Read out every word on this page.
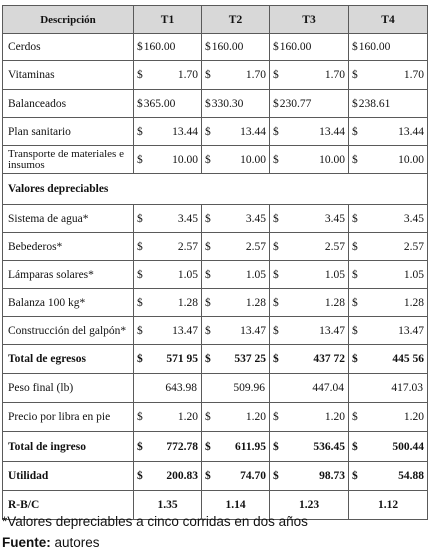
Descripción	T1	T2	T3	T4
Cerdos	$ 160.00	$ 160.00	$ 160.00	$ 160.00

Vitaminas	$ 1.70	$ 1.70	$ 1.70	$ 1.70

Balanceados	$ 365.00	$ 330.30	$ 230.77	$ 238.61

Plan sanitario	$ 13.44	$ 13.44	$ 13.44	$ 13.44

Transporte de materiales e insumos	$ 10.00	$ 10.00	$ 10.00	$ 10.00

Valores depreciables				
Sistema de agua*	$ 3.45	$ 3.45	$ 3.45	$ 3.45

Bebederos*	$ 2.57	$ 2.57	$ 2.57	$ 2.57

Lámparas solares*	$ 1.05	$ 1.05	$ 1.05	$ 1.05

Balanza 100 kg*	$ 1.28	$ 1.28	$ 1.28	$ 1.28

Construcción del galpón*	$ 13.47	$ 13.47	$ 13.47	$ 13.47

Total de egresos	$ 571 95	$ 537 25	$ 437 72	$ 445 56

Peso final (lb)	643.98	509.96	447.04	417.03
Precio por libra en pie	$ 1.20	$ 1.20	$ 1.20	$ 1.20

Total de ingreso	$ 772.78	$ 611.95	$ 536.45	$ 500.44

Utilidad	$ 200.83	$ 74.70	$ 98.73	$ 54.88

R-B/C	1.35	1.14	1.23	1.12
*Valores depreciables a cinco corridas en dos años
Fuente: autores
